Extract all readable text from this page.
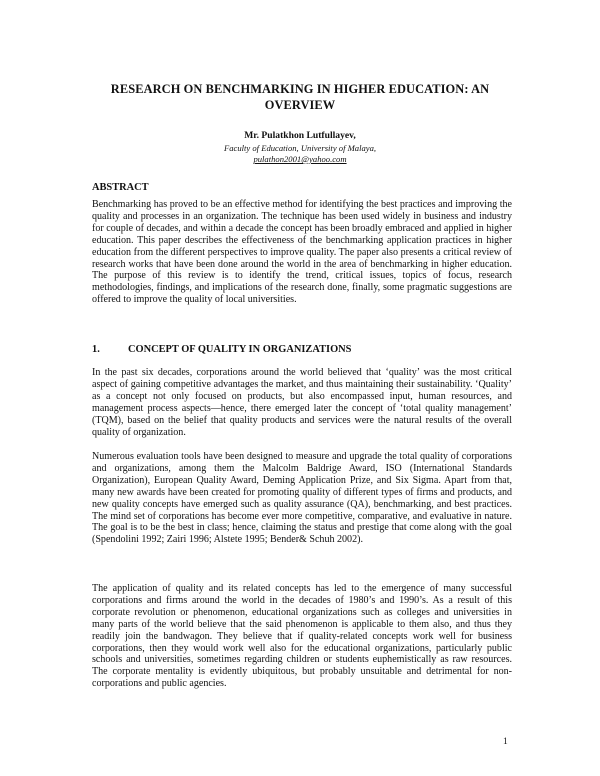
RESEARCH ON BENCHMARKING IN HIGHER EDUCATION: AN OVERVIEW
Mr. Pulatkhon Lutfullayev,
Faculty of Education, University of Malaya,
pulathon2001@yahoo.com
ABSTRACT
Benchmarking has proved to be an effective method for identifying the best practices and improving the quality and processes in an organization. The technique has been used widely in business and industry for couple of decades, and within a decade the concept has been broadly embraced and applied in higher education. This paper describes the effectiveness of the benchmarking application practices in higher education from the different perspectives to improve quality. The paper also presents a critical review of research works that have been done around the world in the area of benchmarking in higher education. The purpose of this review is to identify the trend, critical issues, topics of focus, research methodologies, findings, and implications of the research done, finally, some pragmatic suggestions are offered to improve the quality of local universities.
1.	CONCEPT OF QUALITY IN ORGANIZATIONS
In the past six decades, corporations around the world believed that ‘quality’ was the most critical aspect of gaining competitive advantages the market, and thus maintaining their sustainability. ‘Quality’ as a concept not only focused on products, but also encompassed input, human resources, and management process aspects—hence, there emerged later the concept of ‘total quality management’ (TQM), based on the belief that quality products and services were the natural results of the overall quality of organization.
Numerous evaluation tools have been designed to measure and upgrade the total quality of corporations and organizations, among them the Malcolm Baldrige Award, ISO (International Standards Organization), European Quality Award, Deming Application Prize, and Six Sigma. Apart from that, many new awards have been created for promoting quality of different types of firms and products, and new quality concepts have emerged such as quality assurance (QA), benchmarking, and best practices. The mind set of corporations has become ever more competitive, comparative, and evaluative in nature. The goal is to be the best in class; hence, claiming the status and prestige that come along with the goal (Spendolini 1992; Zairi 1996; Alstete 1995; Bender& Schuh 2002).
The application of quality and its related concepts has led to the emergence of many successful corporations and firms around the world in the decades of 1980’s and 1990’s. As a result of this corporate revolution or phenomenon, educational organizations such as colleges and universities in many parts of the world believe that the said phenomenon is applicable to them also, and thus they readily join the bandwagon. They believe that if quality-related concepts work well for business corporations, then they would work well also for the educational organizations, particularly public schools and universities, sometimes regarding children or students euphemistically as raw resources. The corporate mentality is evidently ubiquitous, but probably unsuitable and detrimental for non-corporations and public agencies.
1
